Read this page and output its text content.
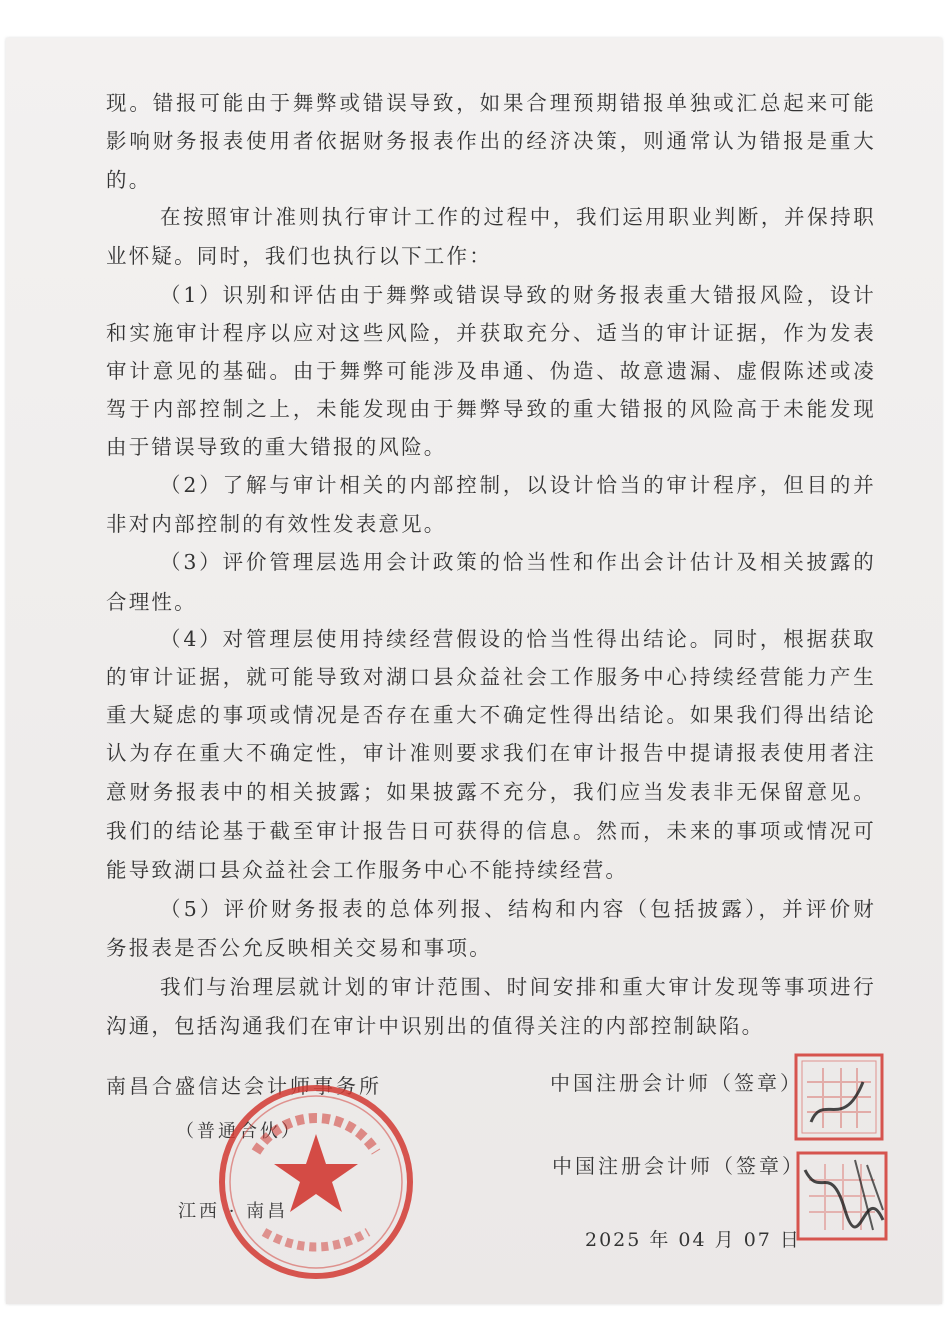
现。错报可能由于舞弊或错误导致，如果合理预期错报单独或汇总起来可能
影响财务报表使用者依据财务报表作出的经济决策，则通常认为错报是重大
的。
在按照审计准则执行审计工作的过程中，我们运用职业判断，并保持职
业怀疑。同时，我们也执行以下工作：
（1）识别和评估由于舞弊或错误导致的财务报表重大错报风险，设计
和实施审计程序以应对这些风险，并获取充分、适当的审计证据，作为发表
审计意见的基础。由于舞弊可能涉及串通、伪造、故意遗漏、虚假陈述或凌
驾于内部控制之上，未能发现由于舞弊导致的重大错报的风险高于未能发现
由于错误导致的重大错报的风险。
（2）了解与审计相关的内部控制，以设计恰当的审计程序，但目的并
非对内部控制的有效性发表意见。
（3）评价管理层选用会计政策的恰当性和作出会计估计及相关披露的
合理性。
（4）对管理层使用持续经营假设的恰当性得出结论。同时，根据获取
的审计证据，就可能导致对湖口县众益社会工作服务中心持续经营能力产生
重大疑虑的事项或情况是否存在重大不确定性得出结论。如果我们得出结论
认为存在重大不确定性，审计准则要求我们在审计报告中提请报表使用者注
意财务报表中的相关披露；如果披露不充分，我们应当发表非无保留意见。
我们的结论基于截至审计报告日可获得的信息。然而，未来的事项或情况可
能导致湖口县众益社会工作服务中心不能持续经营。
（5）评价财务报表的总体列报、结构和内容（包括披露），并评价财
务报表是否公允反映相关交易和事项。
我们与治理层就计划的审计范围、时间安排和重大审计发现等事项进行
沟通，包括沟通我们在审计中识别出的值得关注的内部控制缺陷。
南昌合盛信达会计师事务所
（普通合伙）
江西 · 南昌
中国注册会计师（签章）
中国注册会计师（签章）
2025 年 04 月 07 日
